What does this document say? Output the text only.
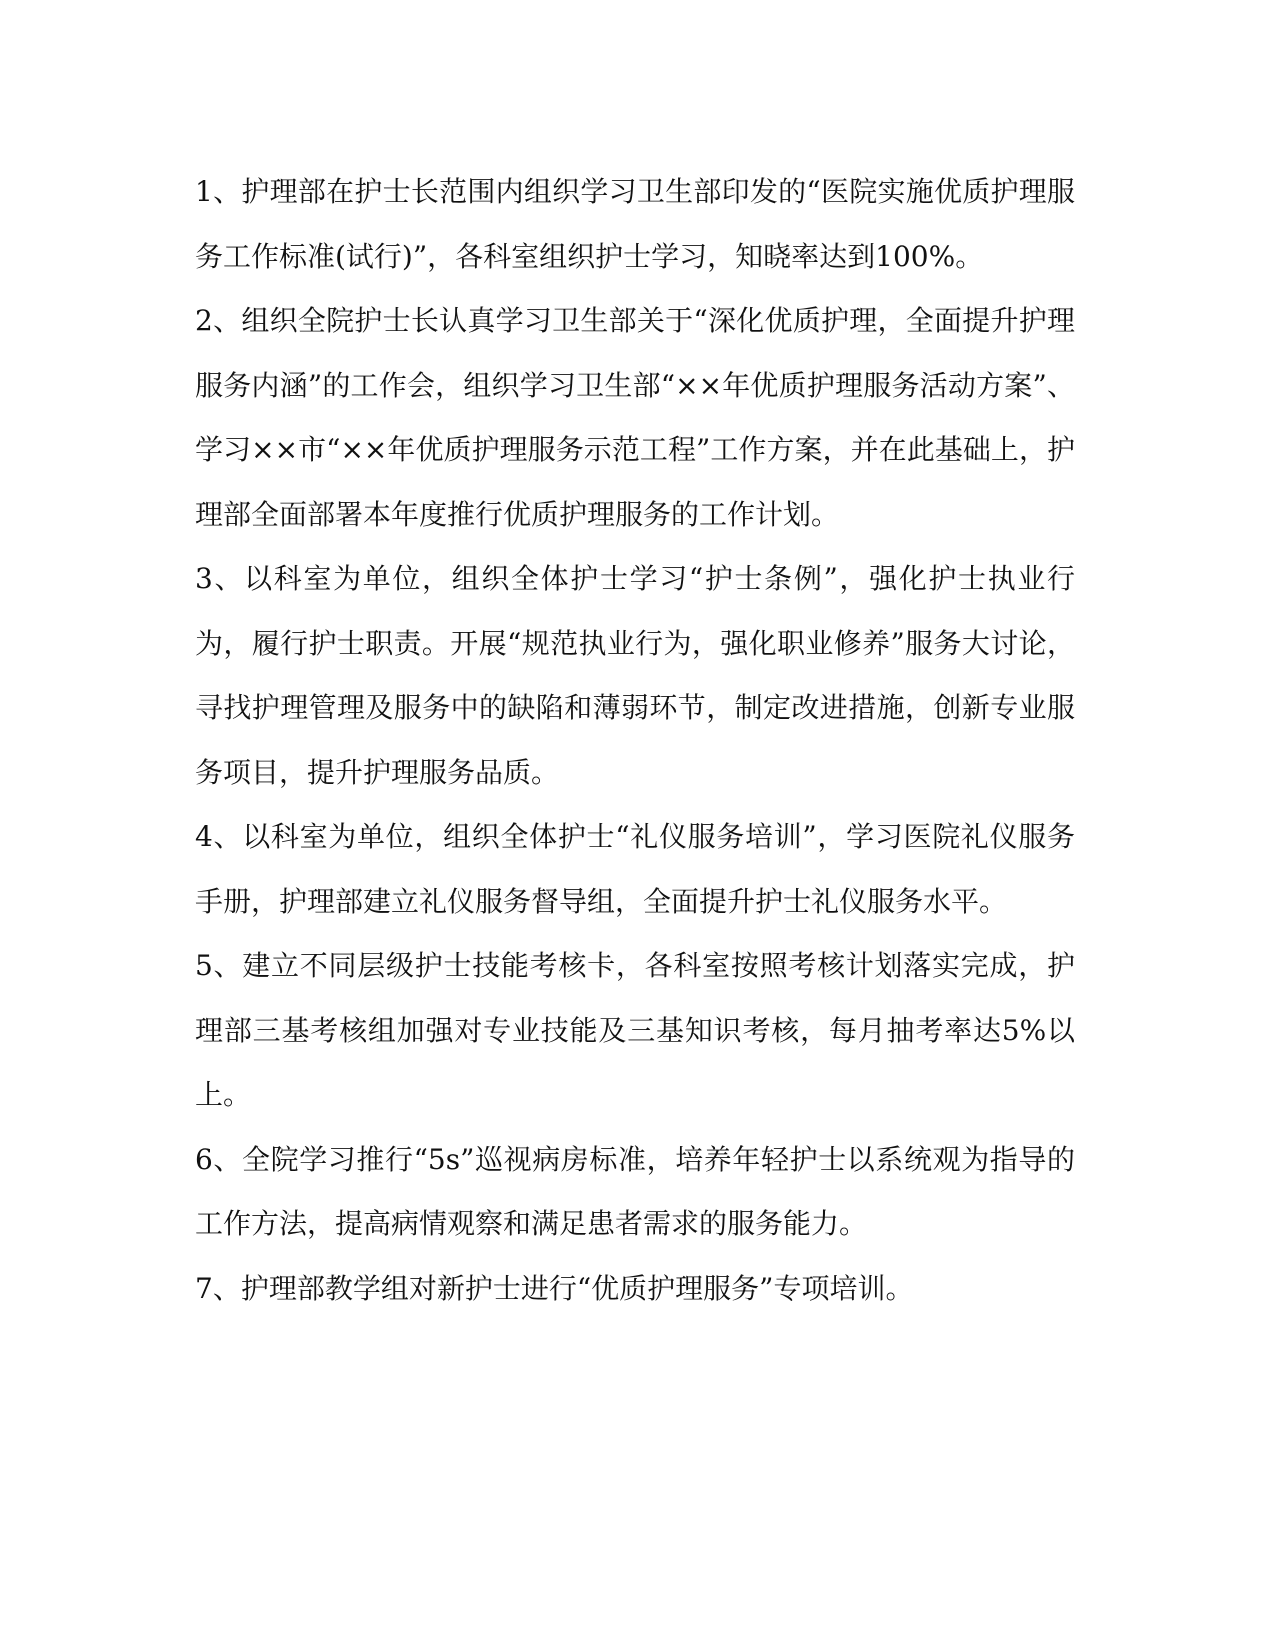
1、护理部在护士长范围内组织学习卫生部印发的“医院实施优质护理服务工作标准(试行)”，各科室组织护士学习，知晓率达到100%。

2、组织全院护士长认真学习卫生部关于“深化优质护理，全面提升护理服务内涵”的工作会，组织学习卫生部“××年优质护理服务活动方案”、学习××市“××年优质护理服务示范工程”工作方案，并在此基础上，护理部全面部署本年度推行优质护理服务的工作计划。

3、以科室为单位，组织全体护士学习“护士条例”，强化护士执业行为，履行护士职责。开展“规范执业行为，强化职业修养”服务大讨论，寻找护理管理及服务中的缺陷和薄弱环节，制定改进措施，创新专业服务项目，提升护理服务品质。

4、以科室为单位，组织全体护士“礼仪服务培训”，学习医院礼仪服务手册，护理部建立礼仪服务督导组，全面提升护士礼仪服务水平。

5、建立不同层级护士技能考核卡，各科室按照考核计划落实完成，护理部三基考核组加强对专业技能及三基知识考核，每月抽考率达5%以上。

6、全院学习推行“5s”巡视病房标准，培养年轻护士以系统观为指导的工作方法，提高病情观察和满足患者需求的服务能力。

7、护理部教学组对新护士进行“优质护理服务”专项培训。
